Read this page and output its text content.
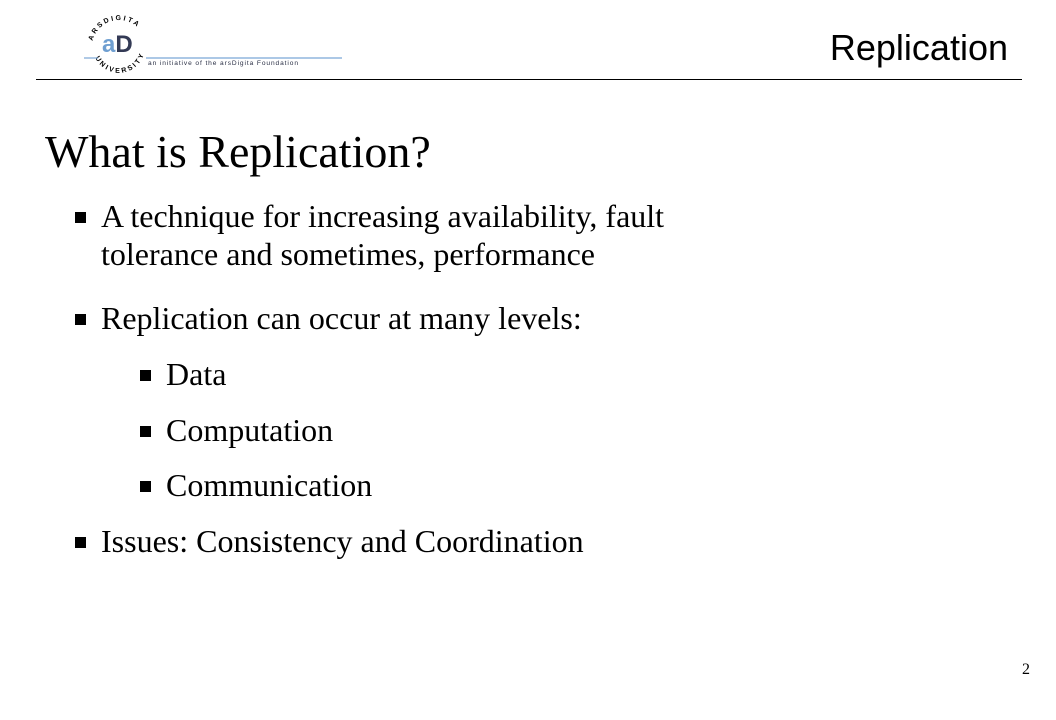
ARSDIGITA
UNIVERSITY
aD
an initiative of the arsDigita Foundation	Replication
What is Replication?
A technique for increasing availability, fault
tolerance and sometimes, performance
Replication can occur at many levels:
Data
Computation
Communication
Issues: Consistency and Coordination
2
